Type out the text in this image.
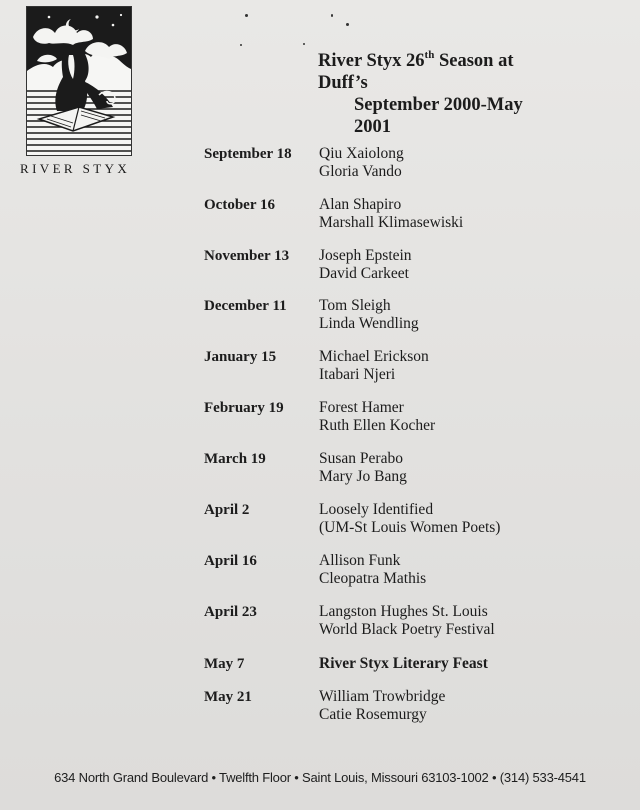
RIVER STYX
River Styx 26th Season at Duff’s
September 2000-May 2001
September 18 Qiu Xaiolong
Gloria Vando
October 16	Alan Shapiro
Marshall Klimasewiski
November 13 Joseph Epstein
David Carkeet
December 11 Tom Sleigh
Linda Wendling
January 15	Michael Erickson
Itabari Njeri
February 19 Forest Hamer
Ruth Ellen Kocher
March 19	Susan Perabo
Mary Jo Bang
April 2	Loosely Identified
(UM-St Louis Women Poets)
April 16	Allison Funk
Cleopatra Mathis
April 23	Langston Hughes St. Louis
World Black Poetry Festival
May 7	River Styx Literary Feast
May 21	William Trowbridge
Catie Rosemurgy
634 North Grand Boulevard • Twelfth Floor • Saint Louis, Missouri 63103-1002 • (314) 533-4541
